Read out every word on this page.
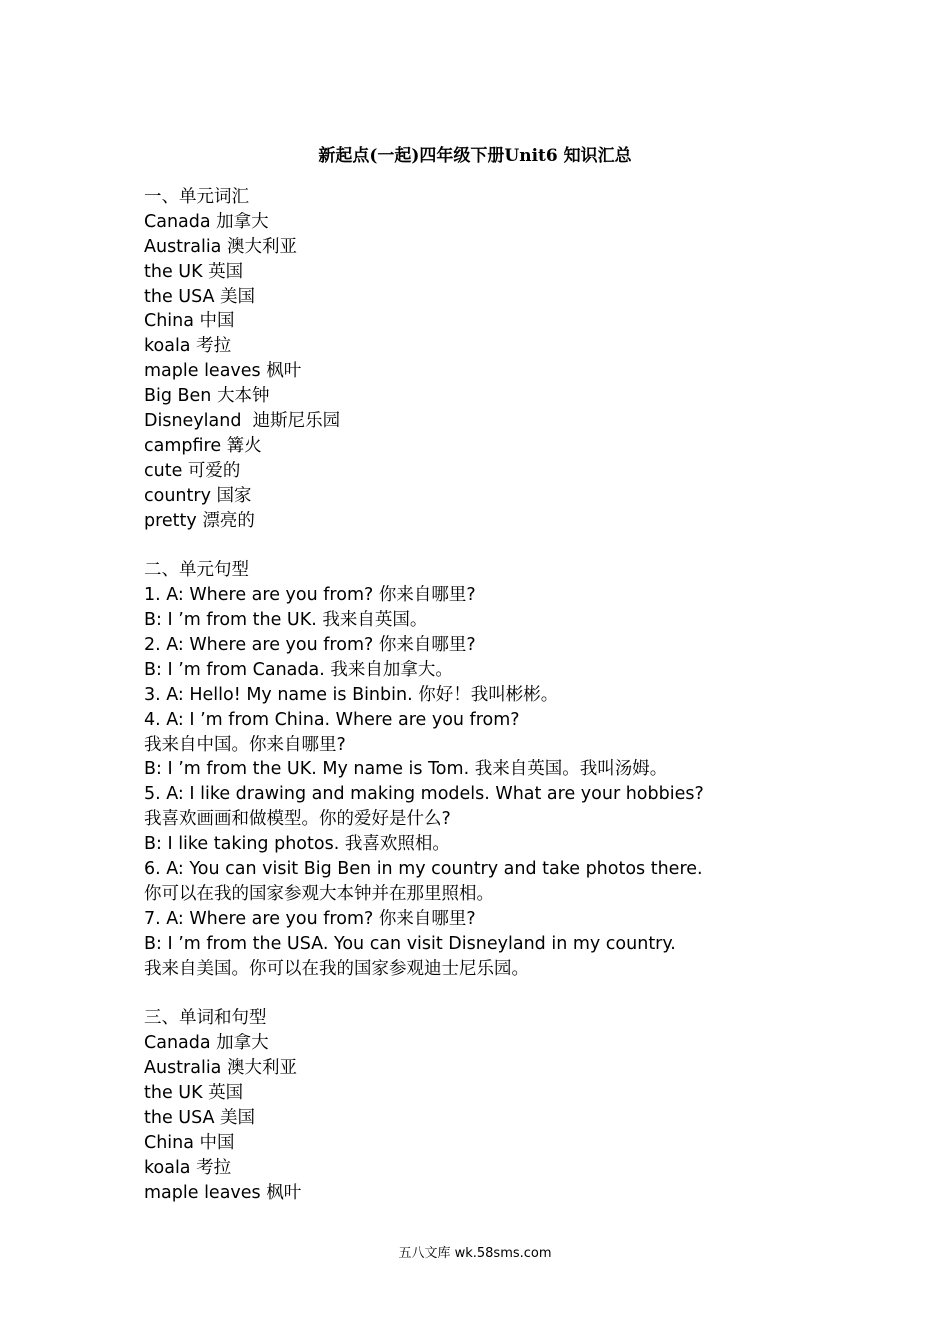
新起点(一起)四年级下册Unit6 知识汇总
一、单元词汇
Canada 加拿大
Australia 澳大利亚
the UK 英国
the USA 美国
China 中国
koala 考拉
maple leaves 枫叶
Big Ben 大本钟
Disneyland  迪斯尼乐园
campfire 篝火
cute 可爱的
country 国家
pretty 漂亮的
二、单元句型
1. A: Where are you from? 你来自哪里?
B: I ’m from the UK. 我来自英国。
2. A: Where are you from? 你来自哪里?
B: I ’m from Canada. 我来自加拿大。
3. A: Hello! My name is Binbin. 你好！我叫彬彬。
4. A: I ’m from China. Where are you from?
我来自中国。你来自哪里?
B: I ’m from the UK. My name is Tom. 我来自英国。我叫汤姆。
5. A: I like drawing and making models. What are your hobbies?
我喜欢画画和做模型。你的爱好是什么?
B: I like taking photos. 我喜欢照相。
6. A: You can visit Big Ben in my country and take photos there.
你可以在我的国家参观大本钟并在那里照相。
7. A: Where are you from? 你来自哪里?
B: I ’m from the USA. You can visit Disneyland in my country.
我来自美国。你可以在我的国家参观迪士尼乐园。
三、单词和句型
Canada 加拿大
Australia 澳大利亚
the UK 英国
the USA 美国
China 中国
koala 考拉
maple leaves 枫叶
五八文库 wk.58sms.com
